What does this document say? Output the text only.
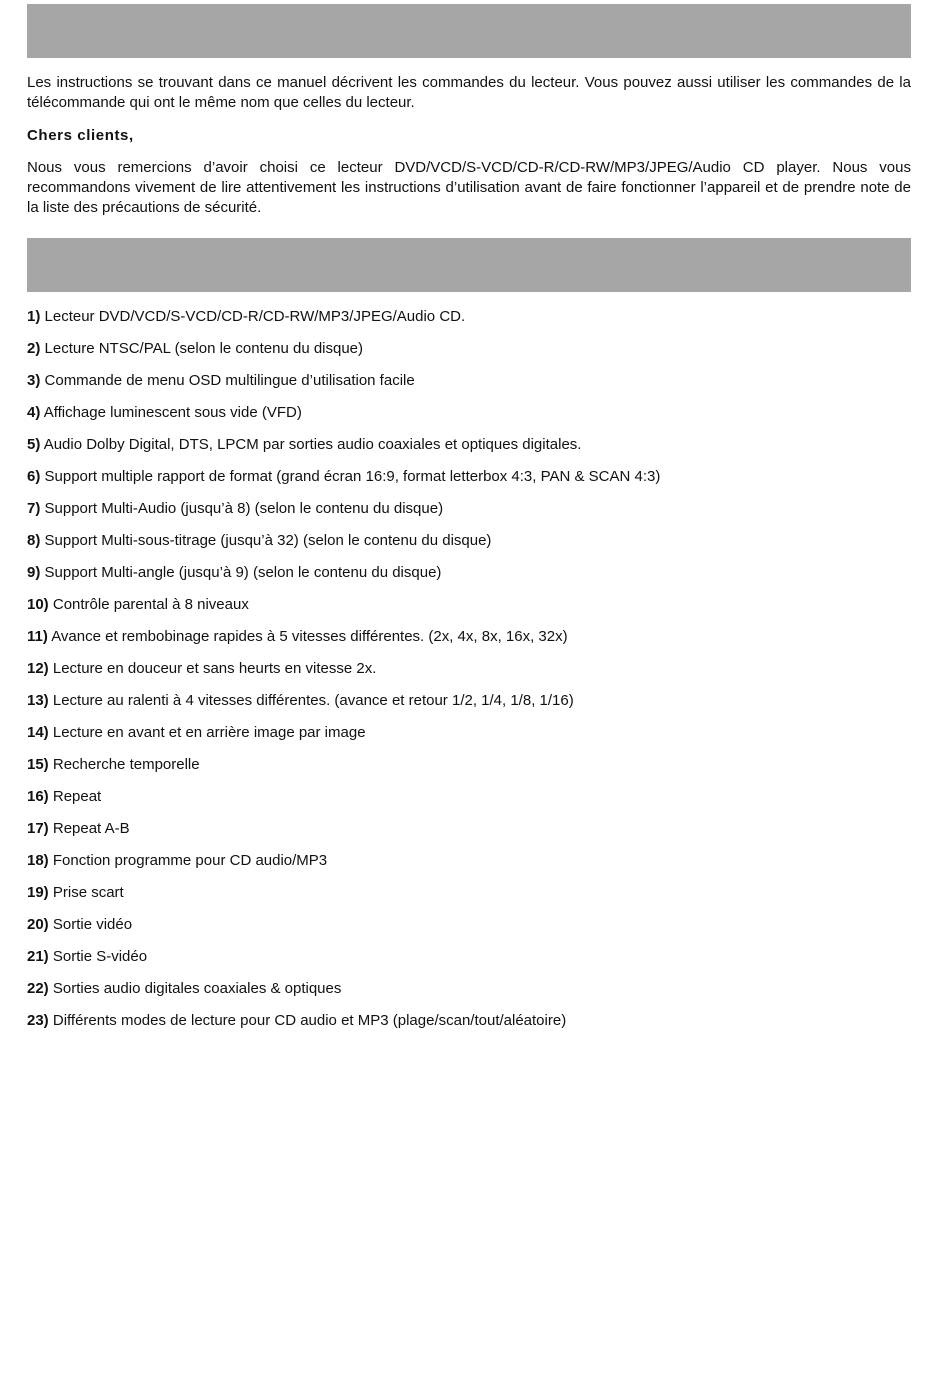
Les instructions se trouvant dans ce manuel décrivent les commandes du lecteur. Vous pouvez aussi utiliser les commandes de la télécommande qui ont le même nom que celles du lecteur.

Chers clients,

Nous vous remercions d’avoir choisi ce lecteur DVD/VCD/S-VCD/CD-R/CD-RW/MP3/JPEG/Audio CD player. Nous vous recommandons vivement de lire attentivement les instructions d’utilisation avant de faire fonctionner l’appareil et de prendre note de la liste des précautions de sécurité.

1) Lecteur DVD/VCD/S-VCD/CD-R/CD-RW/MP3/JPEG/Audio CD.
2) Lecture NTSC/PAL (selon le contenu du disque)
3) Commande de menu OSD multilingue d’utilisation facile
4) Affichage luminescent sous vide (VFD)
5) Audio Dolby Digital, DTS, LPCM par sorties audio coaxiales et optiques digitales.
6) Support multiple rapport de format (grand écran 16:9, format letterbox 4:3, PAN & SCAN 4:3)
7) Support Multi-Audio (jusqu’à 8) (selon le contenu du disque)
8) Support Multi-sous-titrage (jusqu’à 32) (selon le contenu du disque)
9) Support Multi-angle (jusqu’à 9) (selon le contenu du disque)
10) Contrôle parental à 8 niveaux
11) Avance et rembobinage rapides à 5 vitesses différentes. (2x, 4x, 8x, 16x, 32x)
12) Lecture en douceur et sans heurts en vitesse 2x.
13) Lecture au ralenti à 4 vitesses différentes. (avance et retour 1/2, 1/4, 1/8, 1/16)
14) Lecture en avant et en arrière image par image
15) Recherche temporelle
16) Repeat
17) Repeat A-B
18) Fonction programme pour CD audio/MP3
19) Prise scart
20) Sortie vidéo
21) Sortie S-vidéo
22) Sorties audio digitales coaxiales & optiques
23) Différents modes de lecture pour CD audio et MP3 (plage/scan/tout/aléatoire)
